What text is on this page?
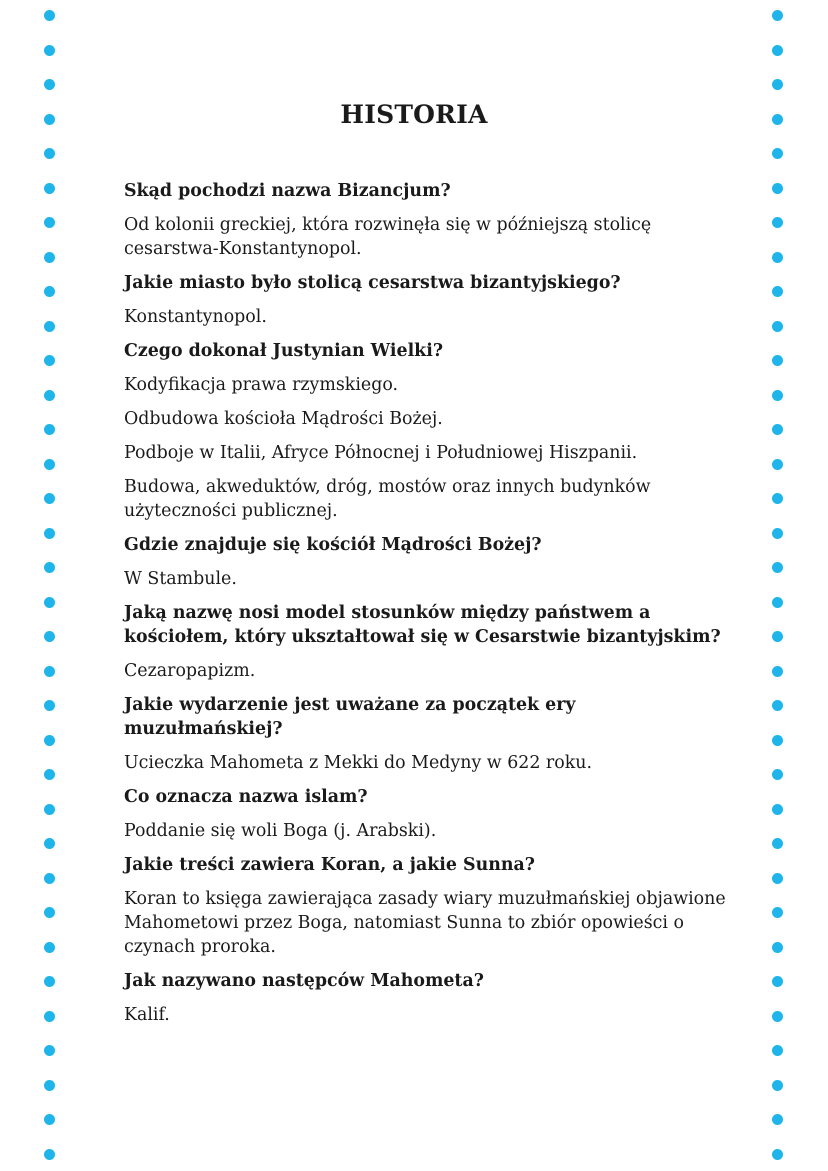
HISTORIA

Skąd pochodzi nazwa Bizancjum?

Od kolonii greckiej, która rozwinęła się w późniejszą stolicę cesarstwa-Konstantynopol.

Jakie miasto było stolicą cesarstwa bizantyjskiego?

Konstantynopol.

Czego dokonał Justynian Wielki?

Kodyfikacja prawa rzymskiego.

Odbudowa kościoła Mądrości Bożej.

Podboje w Italii, Afryce Północnej i Południowej Hiszpanii.

Budowa, akweduktów, dróg, mostów oraz innych budynków użyteczności publicznej.

Gdzie znajduje się kościół Mądrości Bożej?

W Stambule.

Jaką nazwę nosi model stosunków między państwem a kościołem, który ukształtował się w Cesarstwie bizantyjskim?

Cezaropapizm.

Jakie wydarzenie jest uważane za początek ery muzułmańskiej?

Ucieczka Mahometa z Mekki do Medyny w 622 roku.

Co oznacza nazwa islam?

Poddanie się woli Boga (j. Arabski).

Jakie treści zawiera Koran, a jakie Sunna?

Koran to księga zawierająca zasady wiary muzułmańskiej objawione Mahometowi przez Boga, natomiast Sunna to zbiór opowieści o czynach proroka.

Jak nazywano następców Mahometa?

Kalif.
